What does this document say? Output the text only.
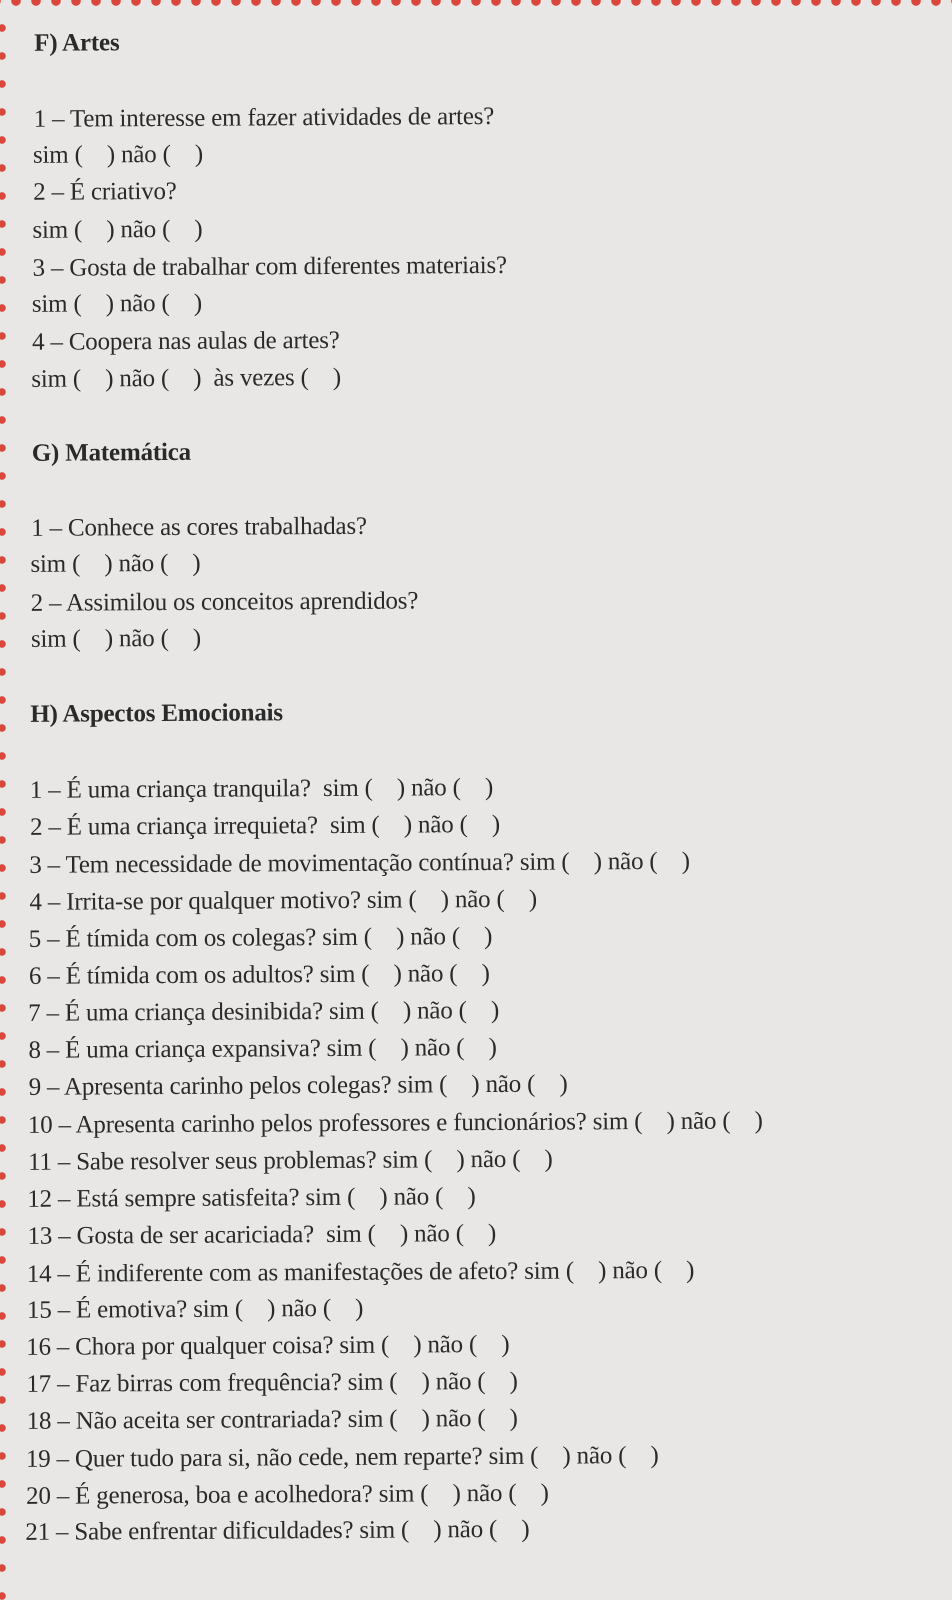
F) Artes
1 – Tem interesse em fazer atividades de artes?
sim (    ) não (    )
2 – É criativo?
sim (    ) não (    )
3 – Gosta de trabalhar com diferentes materiais?
sim (    ) não (    )
4 – Coopera nas aulas de artes?
sim (    ) não (    )  às vezes (    )
G) Matemática
1 – Conhece as cores trabalhadas?
sim (    ) não (    )
2 – Assimilou os conceitos aprendidos?
sim (    ) não (    )
H) Aspectos Emocionais
1 – É uma criança tranquila?  sim (    ) não (    )
2 – É uma criança irrequieta?  sim (    ) não (    )
3 – Tem necessidade de movimentação contínua? sim (    ) não (    )
4 – Irrita-se por qualquer motivo? sim (    ) não (    )
5 – É tímida com os colegas? sim (    ) não (    )
6 – É tímida com os adultos? sim (    ) não (    )
7 – É uma criança desinibida? sim (    ) não (    )
8 – É uma criança expansiva? sim (    ) não (    )
9 – Apresenta carinho pelos colegas? sim (    ) não (    )
10 – Apresenta carinho pelos professores e funcionários? sim (    ) não (    )
11 – Sabe resolver seus problemas? sim (    ) não (    )
12 – Está sempre satisfeita? sim (    ) não (    )
13 – Gosta de ser acariciada?  sim (    ) não (    )
14 – É indiferente com as manifestações de afeto? sim (    ) não (    )
15 – É emotiva? sim (    ) não (    )
16 – Chora por qualquer coisa? sim (    ) não (    )
17 – Faz birras com frequência? sim (    ) não (    )
18 – Não aceita ser contrariada? sim (    ) não (    )
19 – Quer tudo para si, não cede, nem reparte? sim (    ) não (    )
20 – É generosa, boa e acolhedora? sim (    ) não (    )
21 – Sabe enfrentar dificuldades? sim (    ) não (    )
